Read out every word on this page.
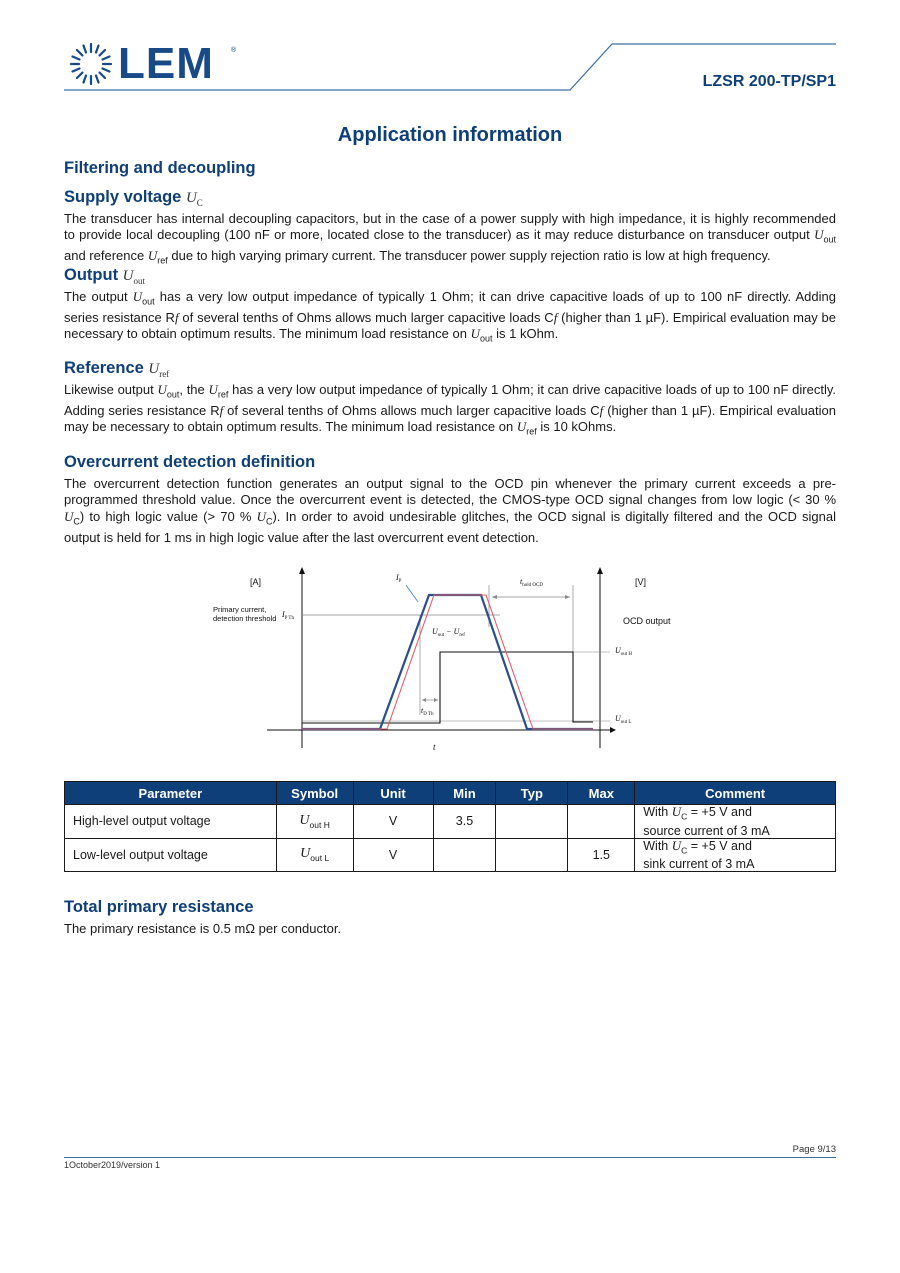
LEM ®
LZSR 200-TP/SP1
Application information
Filtering and decoupling
Supply voltage $U_C$
The transducer has internal decoupling capacitors, but in the case of a power supply with high impedance, it is highly recommended to provide local decoupling (100 nF or more, located close to the transducer) as it may reduce disturbance on transducer output $U_{out}$ and reference $U_{ref}$ due to high varying primary current. The transducer power supply rejection ratio is low at high frequency.
Output $U_{out}$
The output $U_{out}$ has a very low output impedance of typically 1 Ohm; it can drive capacitive loads of up to 100 nF directly. Adding series resistance Rf of several tenths of Ohms allows much larger capacitive loads Cf (higher than 1 µF). Empirical evaluation may be necessary to obtain optimum results. The minimum load resistance on $U_{out}$ is 1 kOhm.
Reference $U_{ref}$
Likewise output $U_{out}$, the $U_{ref}$ has a very low output impedance of typically 1 Ohm; it can drive capacitive loads of up to 100 nF directly. Adding series resistance Rf of several tenths of Ohms allows much larger capacitive loads Cf (higher than 1 µF). Empirical evaluation may be necessary to obtain optimum results. The minimum load resistance on $U_{ref}$ is 10 kOhms.
Overcurrent detection definition
The overcurrent detection function generates an output signal to the OCD pin whenever the primary current exceeds a pre-programmed threshold value. Once the overcurrent event is detected, the CMOS-type OCD signal changes from low logic (< 30 % $U_C$) to high logic value (> 70 % $U_C$). In order to avoid undesirable glitches, the OCD signal is digitally filtered and the OCD signal output is held for 1 ms in high logic value after the last overcurrent event detection.
[A]	[V]
Primary current,
detection threshold $I_{P Th}$
$I_P$	$t_{hold OCD}$
$U_{out} - U_{ref}$
OCD output
$U_{out H}$
$U_{out L}$
$t_{D Th}$
t
Parameter	Symbol	Unit	Min	Typ	Max	Comment
High-level output voltage	$U_{out H}$	V	3.5			With $U_C = +5$ V and
source current of 3 mA
Low-level output voltage	$U_{out L}$	V			1.5	With $U_C = +5$ V and
sink current of 3 mA
Total primary resistance
The primary resistance is 0.5 mΩ per conductor.
Page 9/13
1October2019/version 1
